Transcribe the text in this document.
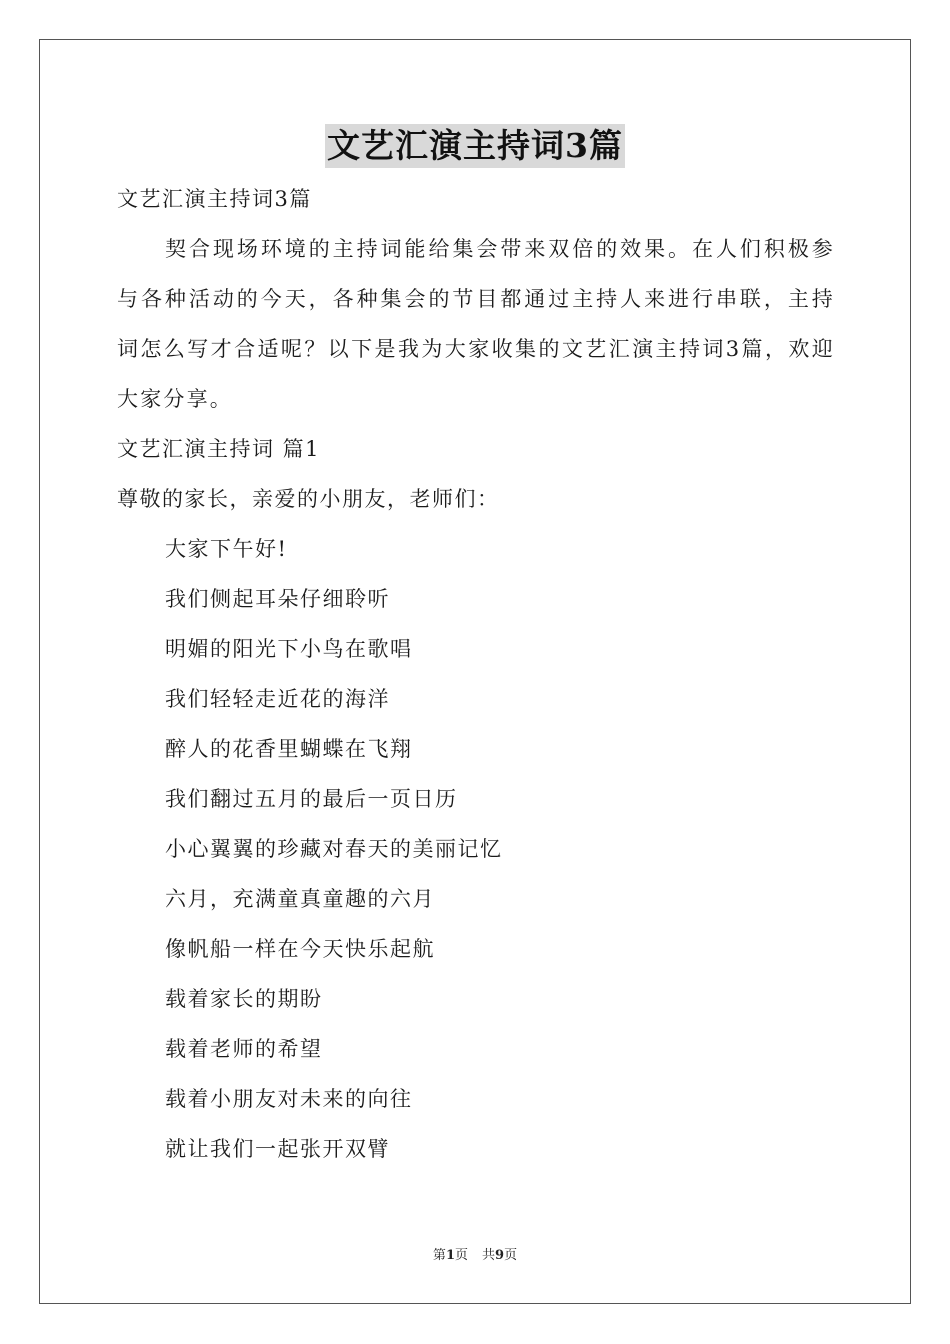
文艺汇演主持词3篇
文艺汇演主持词3篇

契合现场环境的主持词能给集会带来双倍的效果。在人们积极参与各种活动的今天，各种集会的节目都通过主持人来进行串联，主持词怎么写才合适呢？以下是我为大家收集的文艺汇演主持词3篇，欢迎大家分享。

文艺汇演主持词 篇1
尊敬的家长，亲爱的小朋友，老师们：
大家下午好!
我们侧起耳朵仔细聆听
明媚的阳光下小鸟在歌唱
我们轻轻走近花的海洋
醉人的花香里蝴蝶在飞翔
我们翻过五月的最后一页日历
小心翼翼的珍藏对春天的美丽记忆
六月，充满童真童趣的六月
像帆船一样在今天快乐起航
载着家长的期盼
载着老师的希望
载着小朋友对未来的向往
就让我们一起张开双臂
第1页 共9页
